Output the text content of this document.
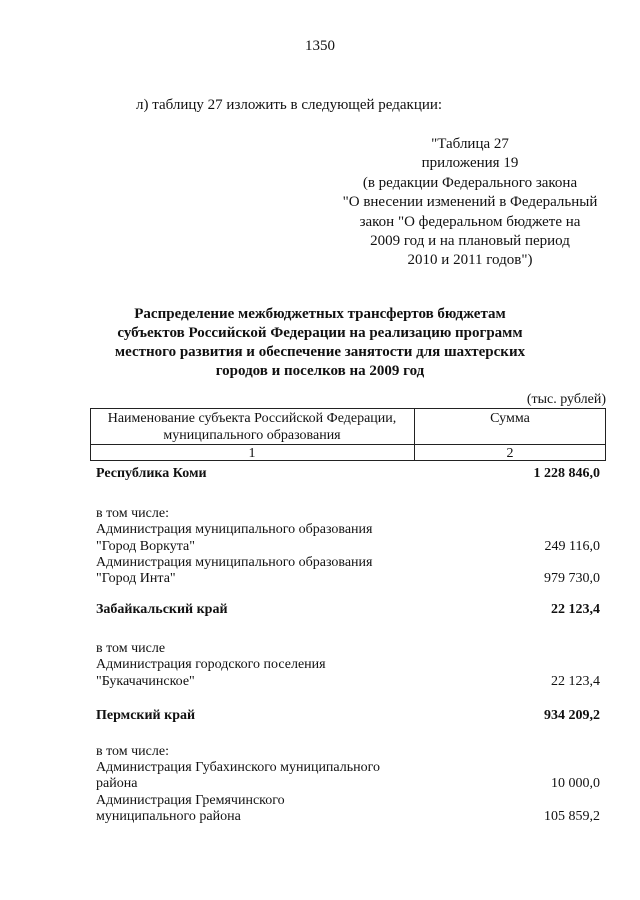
1350
л) таблицу 27 изложить в следующей редакции:
"Таблица 27
приложения 19
(в редакции Федерального закона
"О внесении изменений в Федеральный
закон "О федеральном бюджете на
2009 год и на плановый период
2010 и 2011 годов")
Распределение межбюджетных трансфертов бюджетам
субъектов Российской Федерации на реализацию программ
местного развития и обеспечение занятости для шахтерских
городов и поселков на 2009 год
(тыс. рублей)
Наименование субъекта Российской Федерации,
муниципального образования
Сумма
1	2
Республика Коми	1 228 846,0
в том числе:
Администрация муниципального образования
"Город Воркута"	249 116,0
Администрация муниципального образования
"Город Инта"	979 730,0
Забайкальский край	22 123,4
в том числе
Администрация городского поселения
"Букачачинское"	22 123,4
Пермский край	934 209,2
в том числе:
Администрация Губахинского муниципального
района	10 000,0
Администрация Гремячинского
муниципального района	105 859,2
